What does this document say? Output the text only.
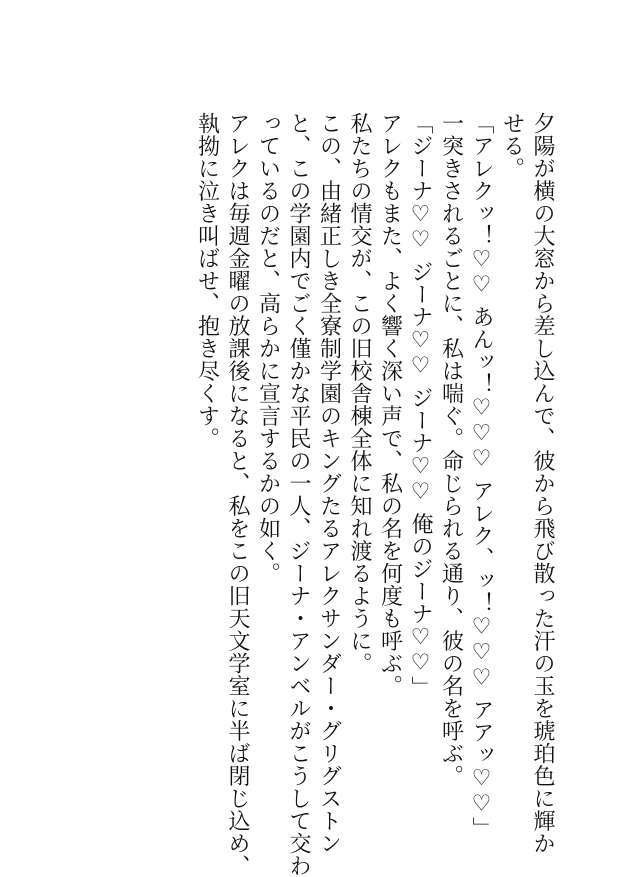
夕陽が横の大窓から差し込んで、彼から飛び散った汗の玉を琥珀色に輝か
せる。
「アレクッ！♡♡ あんッ！♡♡♡ アレク、ッ！♡♡♡ アアッ♡♡」
一突きされるごとに、私は喘ぐ。命じられる通り、彼の名を呼ぶ。
「ジーナ♡♡ ジーナ♡♡ ジーナ♡♡ 俺のジーナ♡♡」
アレクもまた、よく響く深い声で、私の名を何度も呼ぶ。
私たちの情交が、この旧校舎棟全体に知れ渡るように。
この、由緒正しき全寮制学園のキングたるアレクサンダー・グリグストン
と、この学園内でごく僅かな平民の一人、ジーナ・アンベルがこうして交わ
っているのだと、高らかに宣言するかの如く。
アレクは毎週金曜の放課後になると、私をこの旧天文学室に半ば閉じ込め、
執拗に泣き叫ばせ、抱き尽くす。
